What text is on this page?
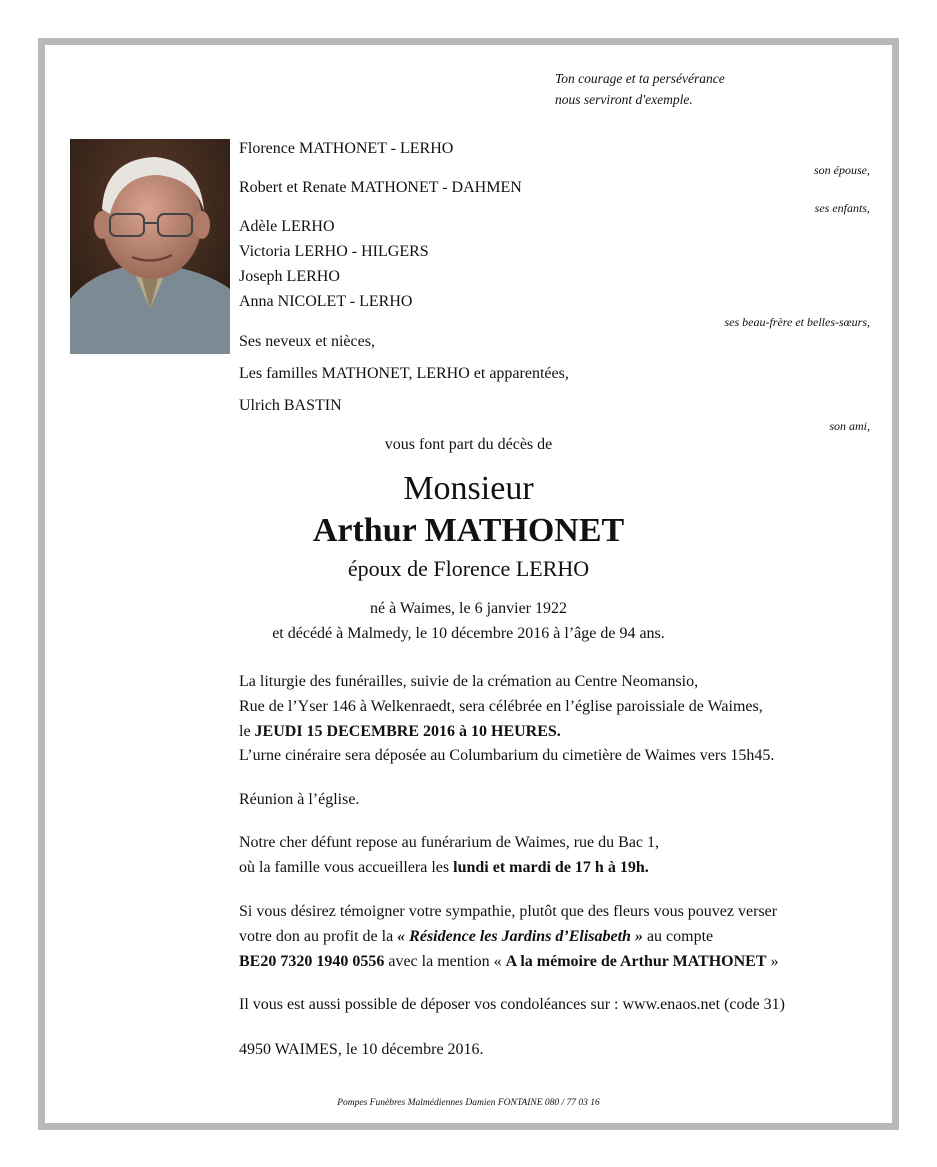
Ton courage et ta persévérance
nous serviront d'exemple.
Florence MATHONET - LERHO
son épouse,
Robert et Renate MATHONET - DAHMEN
ses enfants,
Adèle LERHO
Victoria LERHO - HILGERS
Joseph LERHO
Anna NICOLET - LERHO
ses beau-frère et belles-sœurs,
Ses neveux et nièces,
Les familles MATHONET, LERHO et apparentées,
Ulrich BASTIN
son ami,
vous font part du décès de
Monsieur
Arthur MATHONET
époux de Florence LERHO
né à Waimes, le 6 janvier 1922
et décédé à Malmedy, le 10 décembre 2016 à l’âge de 94 ans.
La liturgie des funérailles, suivie de la crémation au Centre Neomansio,
Rue de l’Yser 146 à Welkenraedt, sera célébrée en l’église paroissiale de Waimes,
le JEUDI 15 DECEMBRE 2016 à 10 HEURES.
L’urne cinéraire sera déposée au Columbarium du cimetière de Waimes vers 15h45.
Réunion à l’église.
Notre cher défunt repose au funérarium de Waimes, rue du Bac 1,
où la famille vous accueillera les lundi et mardi de 17 h à 19h.
Si vous désirez témoigner votre sympathie, plutôt que des fleurs vous pouvez verser
votre don au profit de la « Résidence les Jardins d’Elisabeth » au compte
BE20 7320 1940 0556 avec la mention « A la mémoire de Arthur MATHONET »
Il vous est aussi possible de déposer vos condoléances sur : www.enaos.net (code 31)
4950 WAIMES, le 10 décembre 2016.
Pompes Funèbres Malmédiennes Damien FONTAINE 080 / 77 03 16
